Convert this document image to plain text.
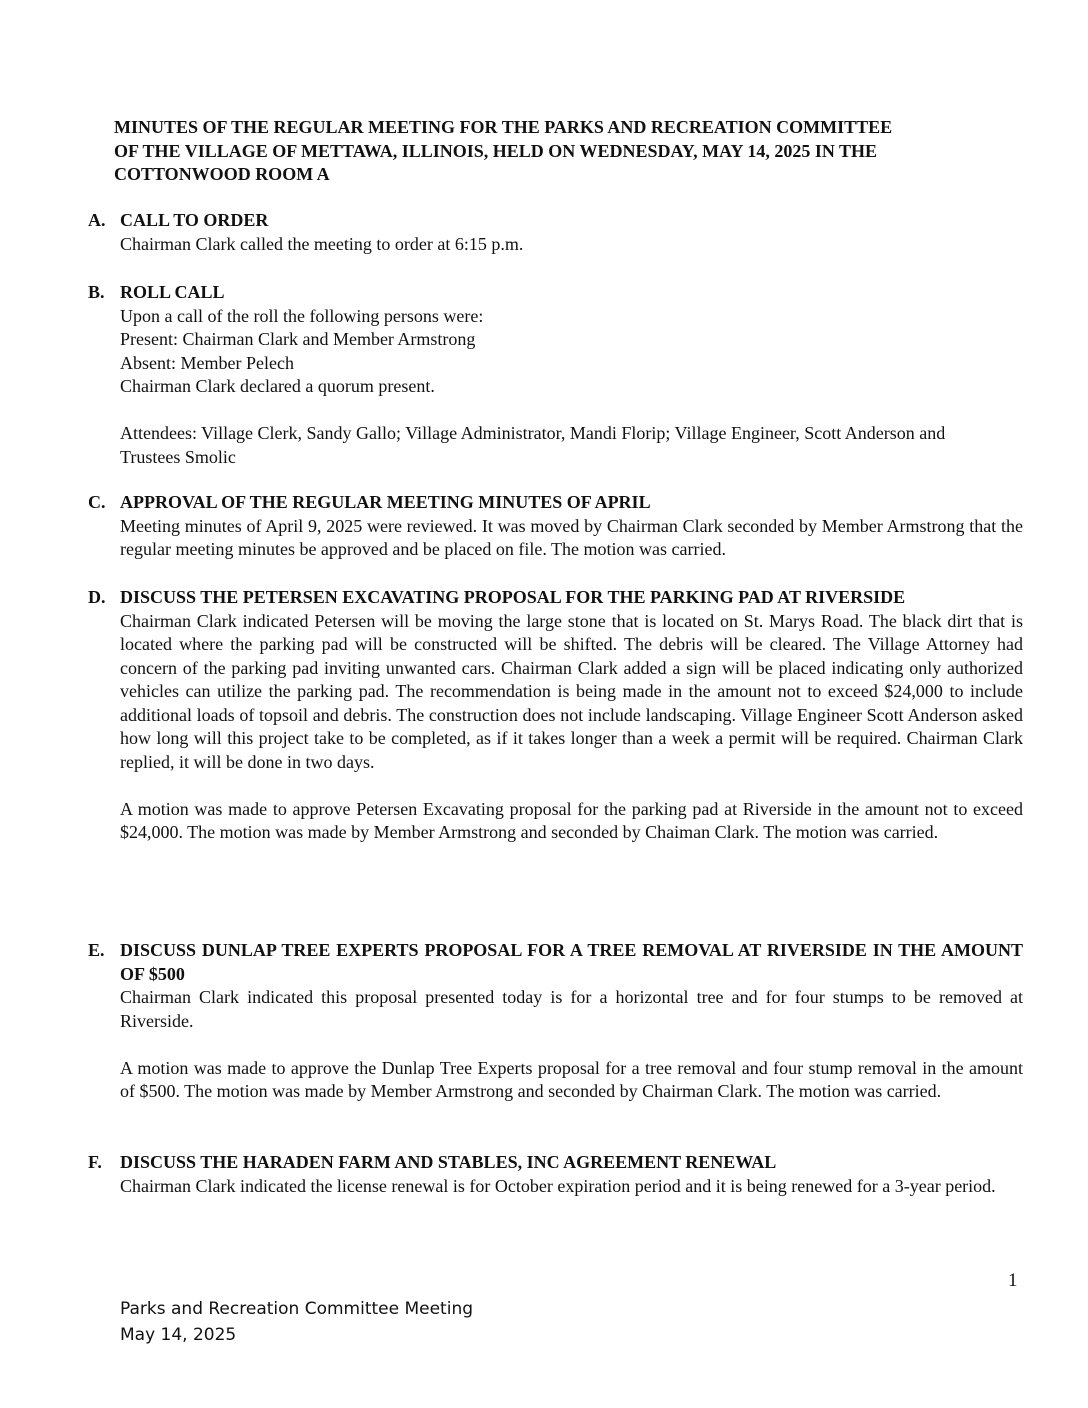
MINUTES OF THE REGULAR MEETING FOR THE PARKS AND RECREATION COMMITTEE
OF THE VILLAGE OF METTAWA, ILLINOIS, HELD ON WEDNESDAY, MAY 14, 2025 IN THE
COTTONWOOD ROOM A
A. CALL TO ORDER
Chairman Clark called the meeting to order at 6:15 p.m.
B. ROLL CALL
Upon a call of the roll the following persons were:
Present: Chairman Clark and Member Armstrong
Absent: Member Pelech
Chairman Clark declared a quorum present.
Attendees: Village Clerk, Sandy Gallo; Village Administrator, Mandi Florip; Village Engineer, Scott Anderson and Trustees Smolic
C. APPROVAL OF THE REGULAR MEETING MINUTES OF APRIL
Meeting minutes of April 9, 2025 were reviewed. It was moved by Chairman Clark seconded by Member Armstrong that the regular meeting minutes be approved and be placed on file. The motion was carried.
D. DISCUSS THE PETERSEN EXCAVATING PROPOSAL FOR THE PARKING PAD AT RIVERSIDE
Chairman Clark indicated Petersen will be moving the large stone that is located on St. Marys Road. The black dirt that is located where the parking pad will be constructed will be shifted. The debris will be cleared. The Village Attorney had concern of the parking pad inviting unwanted cars. Chairman Clark added a sign will be placed indicating only authorized vehicles can utilize the parking pad. The recommendation is being made in the amount not to exceed $24,000 to include additional loads of topsoil and debris. The construction does not include landscaping. Village Engineer Scott Anderson asked how long will this project take to be completed, as if it takes longer than a week a permit will be required. Chairman Clark replied, it will be done in two days.
A motion was made to approve Petersen Excavating proposal for the parking pad at Riverside in the amount not to exceed $24,000. The motion was made by Member Armstrong and seconded by Chaiman Clark. The motion was carried.
E. DISCUSS DUNLAP TREE EXPERTS PROPOSAL FOR A TREE REMOVAL AT RIVERSIDE IN THE AMOUNT OF $500
Chairman Clark indicated this proposal presented today is for a horizontal tree and for four stumps to be removed at Riverside.
A motion was made to approve the Dunlap Tree Experts proposal for a tree removal and four stump removal in the amount of $500. The motion was made by Member Armstrong and seconded by Chairman Clark. The motion was carried.
F.	DISCUSS THE HARADEN FARM AND STABLES, INC AGREEMENT RENEWAL
Chairman Clark indicated the license renewal is for October expiration period and it is being renewed for a 3-year period.
1
Parks and Recreation Committee Meeting
May 14, 2025
